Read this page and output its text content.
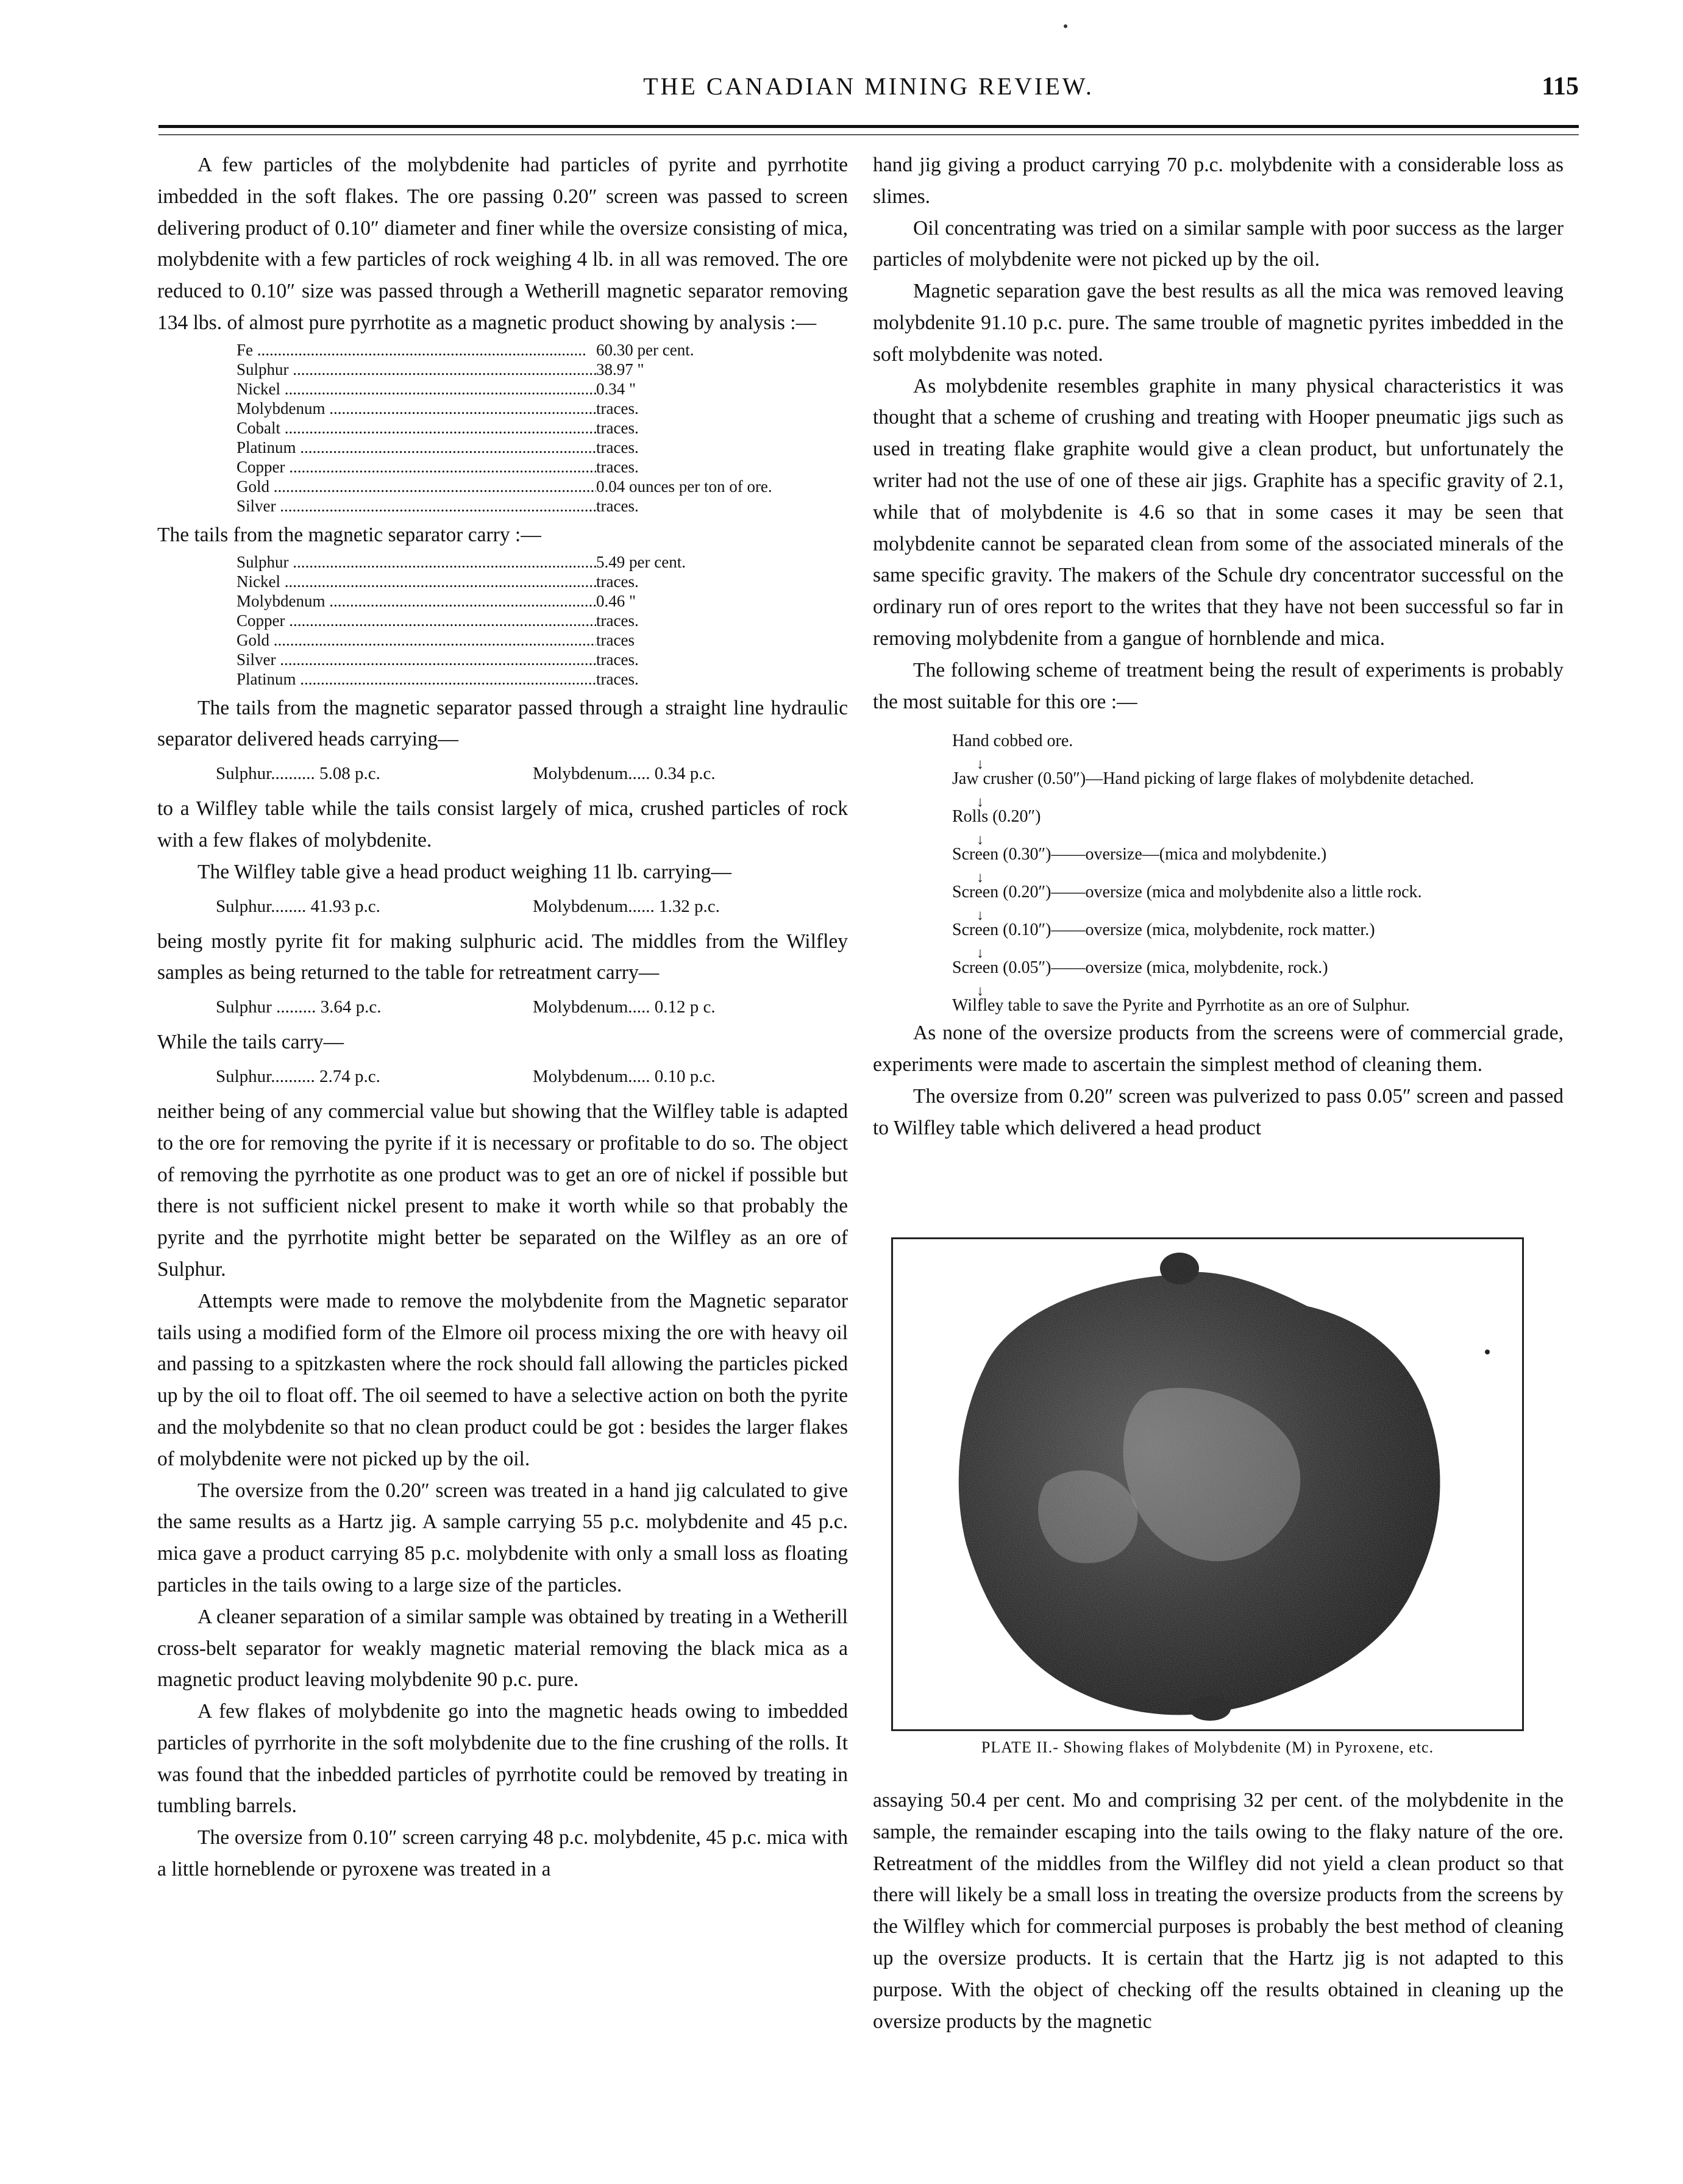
THE CANADIAN MINING REVIEW.	115

A few particles of the molybdenite had particles of pyrite and pyrrhotite imbedded in the soft flakes. The ore passing 0.20″ screen was passed to screen delivering product of 0.10″ diameter and finer while the oversize consisting of mica, molybdenite with a few particles of rock weighing 4 lb. in all was removed. The ore reduced to 0.10″ size was passed through a Wetherill magnetic separator removing 134 lbs. of almost pure pyrrhotite as a magnetic product showing by analysis :—

Fe .....	60.30 per cent.
Sulphur .....	38.97 "
Nickel .....	0.34 "
Molybdenum .....	traces.
Cobalt .....	traces.
Platinum .....	traces.
Copper .....	traces.
Gold .....	0.04 ounces per ton of ore.
Silver .....	traces.

The tails from the magnetic separator carry :—

Sulphur .....	5.49 per cent.
Nickel .....	traces.
Molybdenum .....	0.46 "
Copper .....	traces.
Gold .....	traces
Silver .....	traces.
Platinum .....	traces.

The tails from the magnetic separator passed through a straight line hydraulic separator delivered heads carrying—

Sulphur.......... 5.08 p.c.	Molybdenum..... 0.34 p.c.

to a Wilfley table while the tails consist largely of mica, crushed particles of rock with a few flakes of molybdenite.

The Wilfley table give a head product weighing 11 lb. carrying—

Sulphur........ 41.93 p.c.	Molybdenum...... 1.32 p.c.

being mostly pyrite fit for making sulphuric acid. The middles from the Wilfley samples as being returned to the table for retreatment carry—

Sulphur ......... 3.64 p.c.	Molybdenum..... 0.12 p c.

While the tails carry—

Sulphur.......... 2.74 p.c.	Molybdenum..... 0.10 p.c.

neither being of any commercial value but showing that the Wilfley table is adapted to the ore for removing the pyrite if it is necessary or profitable to do so. The object of removing the pyrrhotite as one product was to get an ore of nickel if possible but there is not sufficient nickel present to make it worth while so that probably the pyrite and the pyrrhotite might better be separated on the Wilfley as an ore of Sulphur.

Attempts were made to remove the molybdenite from the Magnetic separator tails using a modified form of the Elmore oil process mixing the ore with heavy oil and passing to a spitzkasten where the rock should fall allowing the particles picked up by the oil to float off. The oil seemed to have a selective action on both the pyrite and the molybdenite so that no clean product could be got : besides the larger flakes of molybdenite were not picked up by the oil.

The oversize from the 0.20″ screen was treated in a hand jig calculated to give the same results as a Hartz jig. A sample carrying 55 p.c. molybdenite and 45 p.c. mica gave a product carrying 85 p.c. molybdenite with only a small loss as floating particles in the tails owing to a large size of the particles.

A cleaner separation of a similar sample was obtained by treating in a Wetherill cross-belt separator for weakly magnetic material removing the black mica as a magnetic product leaving molybdenite 90 p.c. pure.

A few flakes of molybdenite go into the magnetic heads owing to imbedded particles of pyrrhorite in the soft molybdenite due to the fine crushing of the rolls. It was found that the inbedded particles of pyrrhotite could be removed by treating in tumbling barrels.

The oversize from 0.10″ screen carrying 48 p.c. molybdenite, 45 p.c. mica with a little horneblende or pyroxene was treated in a

hand jig giving a product carrying 70 p.c. molybdenite with a considerable loss as slimes.

Oil concentrating was tried on a similar sample with poor success as the larger particles of molybdenite were not picked up by the oil.

Magnetic separation gave the best results as all the mica was removed leaving molybdenite 91.10 p.c. pure. The same trouble of magnetic pyrites imbedded in the soft molybdenite was noted.

As molybdenite resembles graphite in many physical characteristics it was thought that a scheme of crushing and treating with Hooper pneumatic jigs such as used in treating flake graphite would give a clean product, but unfortunately the writer had not the use of one of these air jigs. Graphite has a specific gravity of 2.1, while that of molybdenite is 4.6 so that in some cases it may be seen that molybdenite cannot be separated clean from some of the associated minerals of the same specific gravity. The makers of the Schule dry concentrator successful on the ordinary run of ores report to the writes that they have not been successful so far in removing molybdenite from a gangue of hornblende and mica.

The following scheme of treatment being the result of experiments is probably the most suitable for this ore :—

Hand cobbed ore.
↓
Jaw crusher (0.50″)—Hand picking of large flakes of molybdenite detached.
↓
Rolls (0.20″)
↓
Screen (0.30″)——oversize—(mica and molybdenite.)
↓
Screen (0.20″)——oversize (mica and molybdenite also a little rock.
↓
Screen (0.10″)——oversize (mica, molybdenite, rock matter.)
↓
Screen (0.05″)——oversize (mica, molybdenite, rock.)
↓
Wilfley table to save the Pyrite and Pyrrhotite as an ore of Sulphur.

As none of the oversize products from the screens were of commercial grade, experiments were made to ascertain the simplest method of cleaning them.

The oversize from 0.20″ screen was pulverized to pass 0.05″ screen and passed to Wilfley table which delivered a head product

PLATE II.- Showing flakes of Molybdenite (M) in Pyroxene, etc.

assaying 50.4 per cent. Mo and comprising 32 per cent. of the molybdenite in the sample, the remainder escaping into the tails owing to the flaky nature of the ore. Retreatment of the middles from the Wilfley did not yield a clean product so that there will likely be a small loss in treating the oversize products from the screens by the Wilfley which for commercial purposes is probably the best method of cleaning up the oversize products. It is certain that the Hartz jig is not adapted to this purpose. With the object of checking off the results obtained in cleaning up the oversize products by the magnetic
